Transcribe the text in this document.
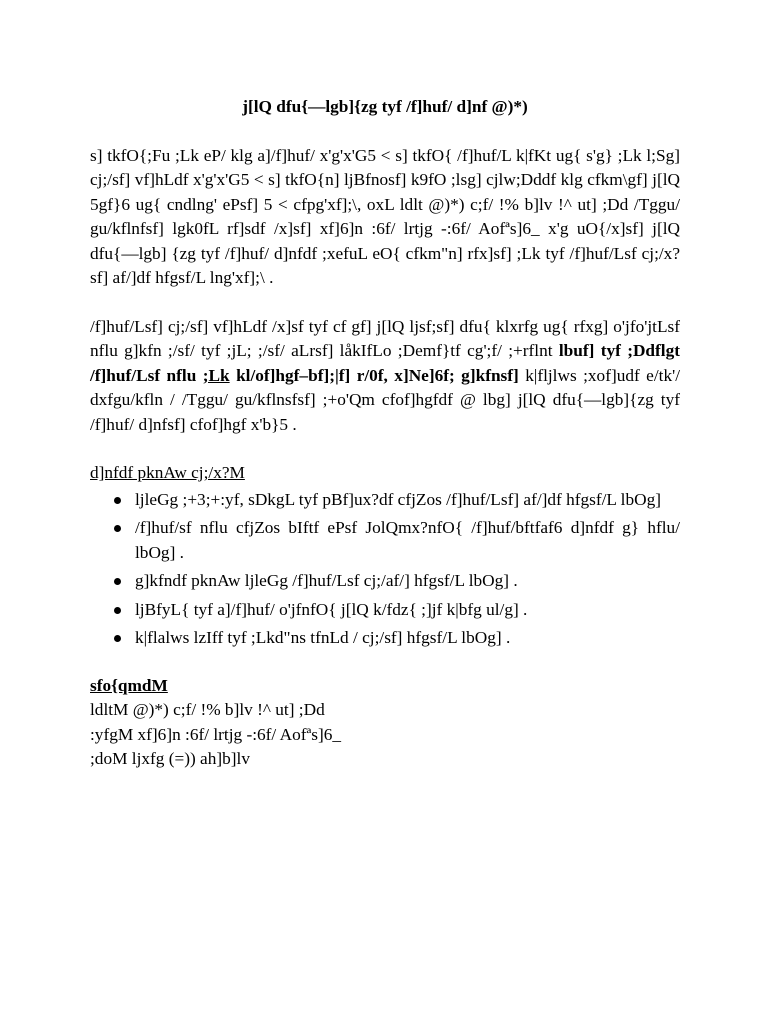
j[lQ dfu{—lgb]{zg tyf /f]huf/ d]nf @)*)

s] tkfO{;Fu ;Lk eP/ klg a]/f]huf/ x'g'x'G5 < s] tkfO{ /f]huf/L k|fKt ug{ s'g} ;Lk l;Sg] cj;/sf] vf]hLdf x'g'x'G5 < s] tkfO{n] ljBfnosf] k9fO ;lsg] cjlw;Dddf klg cfkm\gf] j[lQ 5gf}6 ug{ cndlng' ePsf] 5 < cfpg'xf];\, oxL ldlt @)*) c;f/ !% b]lv !^ ut] ;Dd /Tggu/ gu/kflnfsf] lgk0fL rf]sdf /x]sf] xf]6]n :6f/ lrtjg -:6f/ Aofªs]6_ x'g uO{/x]sf] j[lQ dfu{—lgb] {zg tyf /f]huf/ d]nfdf ;xefuL eO{ cfkm"n] rfx]sf] ;Lk tyf /f]huf/Lsf cj;/x? sf] af/]df hfgsf/L lng'xf];\ .

/f]huf/Lsf] cj;/sf] vf]hLdf /x]sf tyf cf gf] j[lQ ljsf;sf] dfu{ klxrfg ug{ rfxg] o'jfo'jtLsf nflu g]kfn ;/sf/ tyf ;jL; ;/sf/ aLrsf] låkIfLo ;Demf}tf cg';f/ ;+rflnt lbuf] tyf ;Ddflgt /f]huf/Lsf nflu ;Lk kl/of]hgf–bf];|f] r/0f, x]Ne]6f; g]kfnsf] k|fljlws ;xof]udf e/tk'/ dxfgu/kfln / /Tggu/ gu/kflnsfsf] ;+o'Qm cfof]hgfdf @ lbg] j[lQ dfu{—lgb]{zg tyf /f]huf/ d]nfsf] cfof]hgf x'b}5 .

d]nfdf pknAw cj;/x?M

ljleGg ;+3;+:yf, sDkgL tyf pBf]ux?df cfjZos /f]huf/Lsf] af/]df hfgsf/L lbOg]
/f]huf/sf nflu cfjZos bIftf ePsf JolQmx?nfO{ /f]huf/bftfaf6 d]nfdf g} hflu/ lbOg] .
g]kfndf pknAw ljleGg /f]huf/Lsf cj;/af/] hfgsf/L lbOg] .
ljBfyL{ tyf a]/f]huf/ o'jfnfO{ j[lQ k/fdz{ ;]jf k|bfg ul/g] .
k|flalws lzIff tyf ;Lkd"ns tfnLd / cj;/sf] hfgsf/L lbOg] .

sfo{qmdM

ldltM @)*) c;f/ !% b]lv !^ ut] ;Dd

:yfgM xf]6]n :6f/ lrtjg -:6f/ Aofªs]6_

;doM ljxfg (=)) ah]b]lv
